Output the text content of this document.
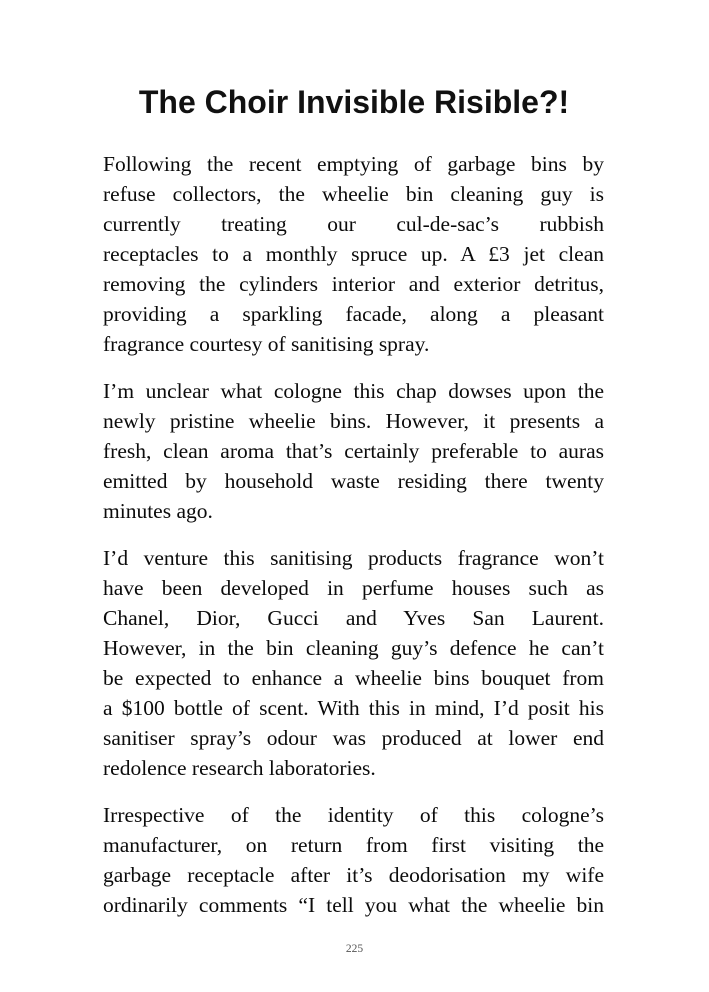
The Choir Invisible Risible?!
Following the recent emptying of garbage bins by
refuse collectors, the wheelie bin cleaning guy is
currently treating our cul-de-sac’s rubbish
receptacles to a monthly spruce up. A £3 jet clean
removing the cylinders interior and exterior detritus,
providing a sparkling facade, along a pleasant
fragrance courtesy of sanitising spray.
I’m unclear what cologne this chap dowses upon the
newly pristine wheelie bins. However, it presents a
fresh, clean aroma that’s certainly preferable to auras
emitted by household waste residing there twenty
minutes ago.
I’d venture this sanitising products fragrance won’t
have been developed in perfume houses such as
Chanel, Dior, Gucci and Yves San Laurent.
However, in the bin cleaning guy’s defence he can’t
be expected to enhance a wheelie bins bouquet from
a $100 bottle of scent. With this in mind, I’d posit his
sanitiser spray’s odour was produced at lower end
redolence research laboratories.
Irrespective of the identity of this cologne’s
manufacturer, on return from first visiting the
garbage receptacle after it’s deodorisation my wife
ordinarily comments “I tell you what the wheelie bin
225
